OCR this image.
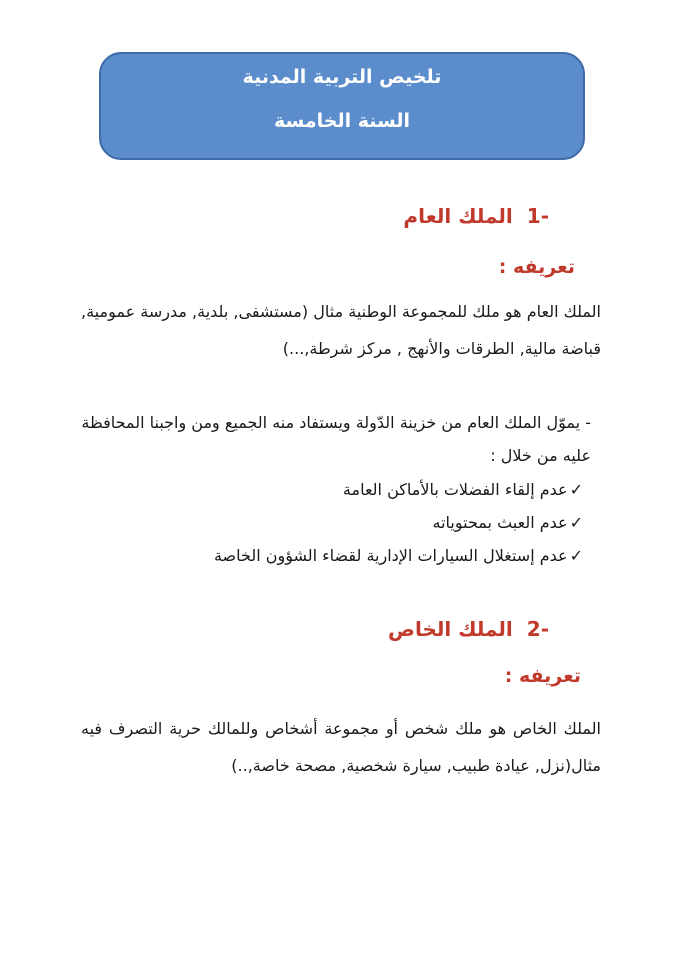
تلخيص التربية المدنية
السنة الخامسة
-1الملك العام
تعريفه :
الملك العام هو ملك للمجموعة الوطنية مثال (مستشفى, بلدية, مدرسة عمومية, قباضة مالية, الطرقات والأنهج , مركز شرطة,...)
- يموّل الملك العام من خزينة الدّولة ويستفاد منه الجميع ومن واجبنا المحافظة عليه من خلال :
✓عدم إلقاء الفضلات بالأماكن العامة
✓عدم العبث بمحتوياته
✓عدم إستغلال السيارات الإدارية لقضاء الشؤون الخاصة
-2الملك الخاص
تعريفه :
الملك الخاص هو ملك شخص أو مجموعة أشخاص وللمالك حرية التصرف فيه مثال(نزل, عيادة طبيب, سيارة شخصية, مصحة خاصة,..)
